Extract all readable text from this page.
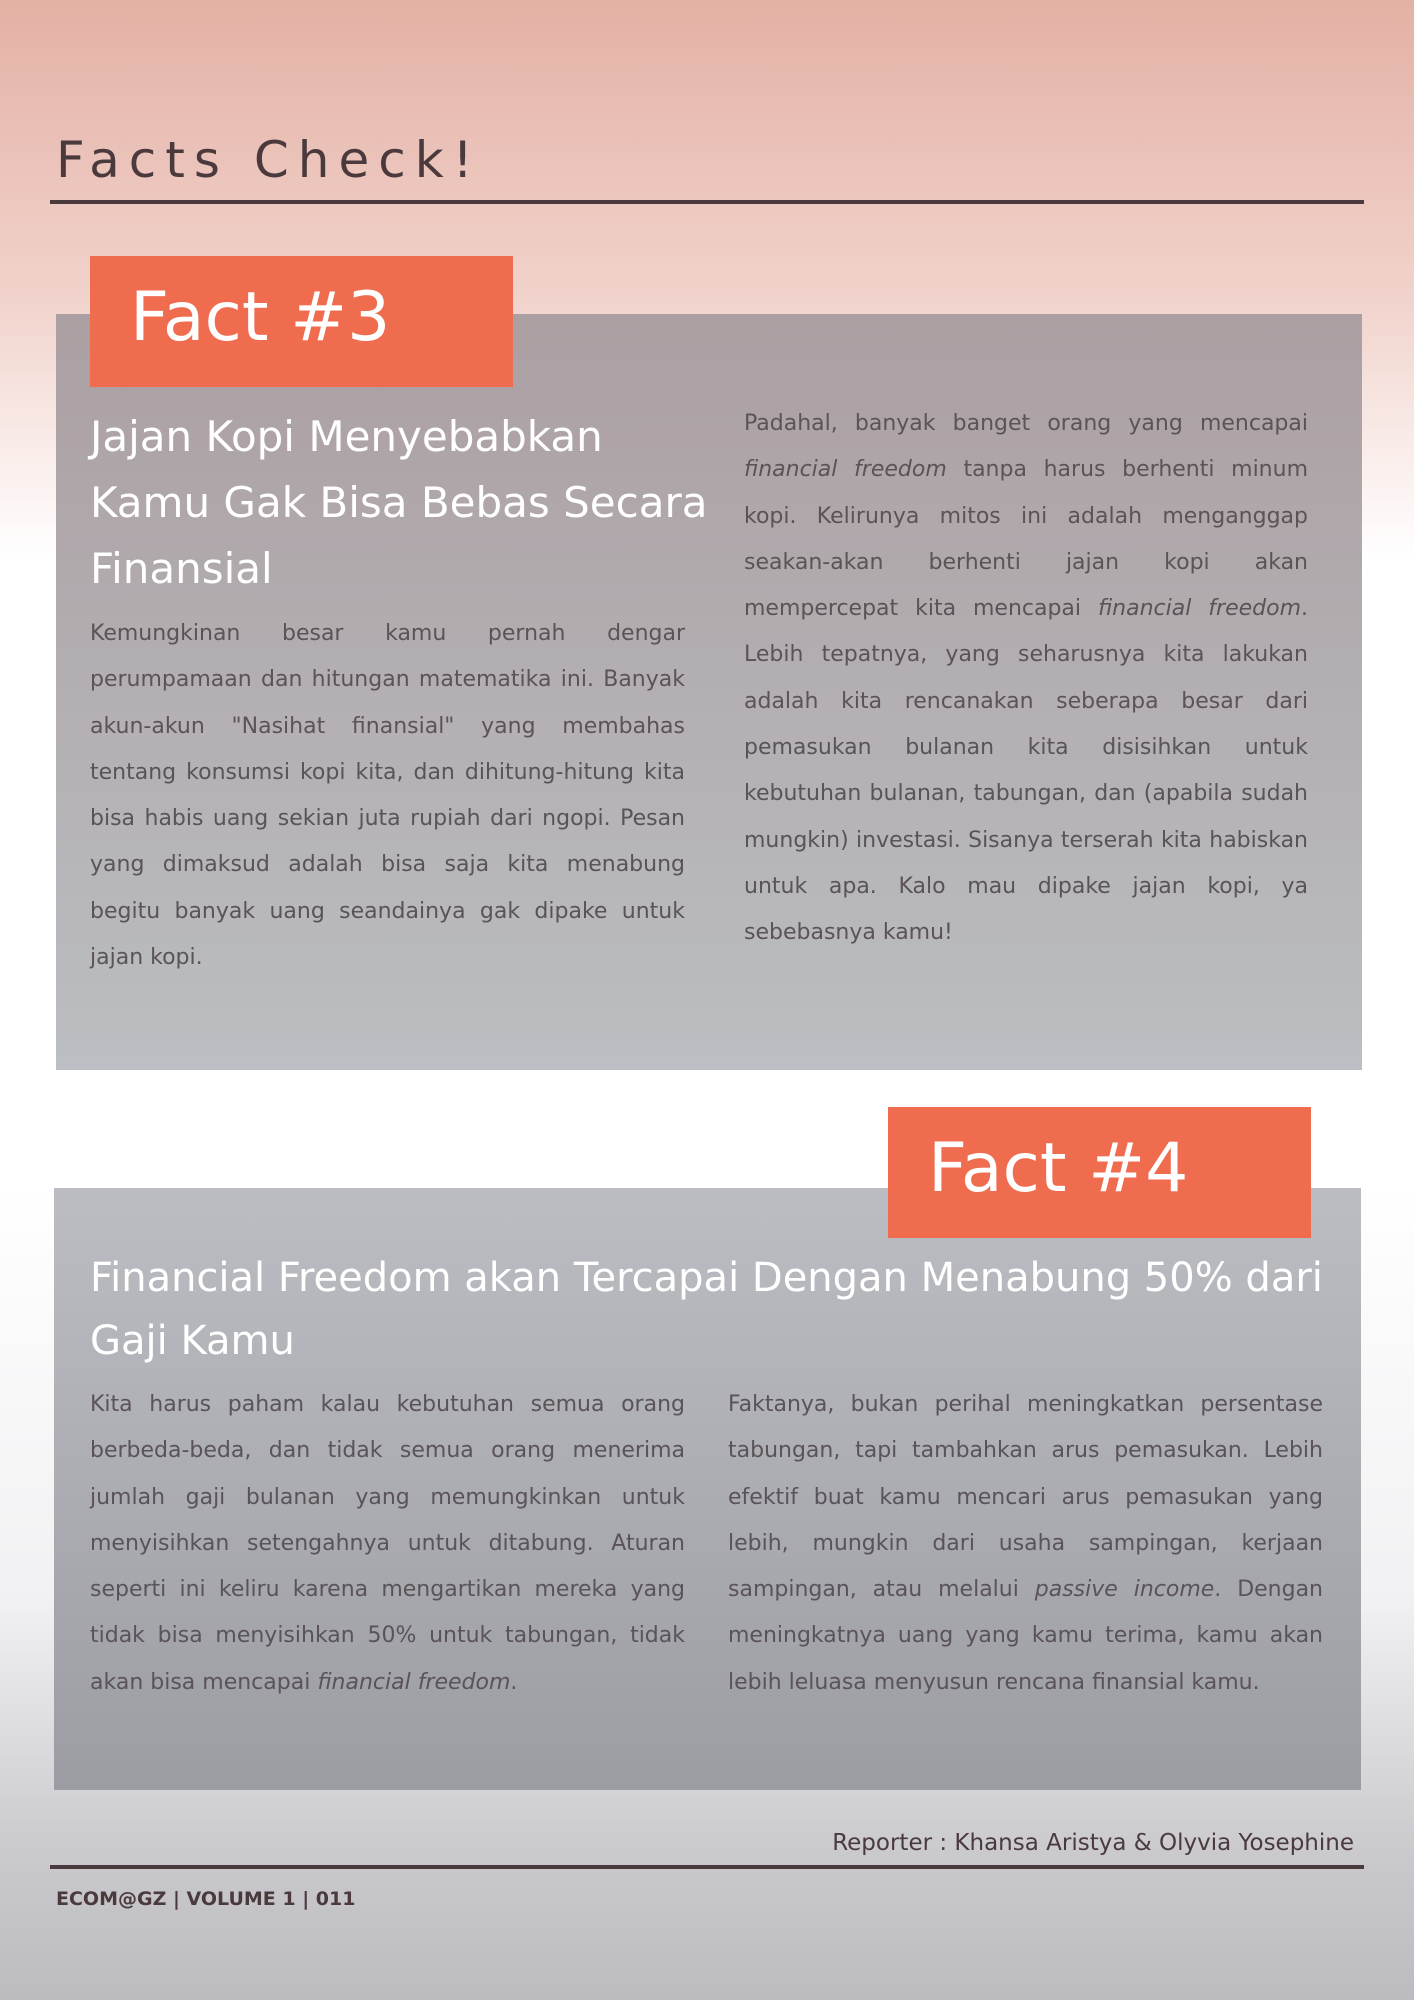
Facts Check!
Fact #3
Jajan Kopi Menyebabkan Kamu Gak Bisa Bebas Secara Finansial

Kemungkinan besar kamu pernah dengar perumpamaan dan hitungan matematika ini. Banyak akun-akun "Nasihat finansial" yang membahas tentang konsumsi kopi kita, dan dihitung-hitung kita bisa habis uang sekian juta rupiah dari ngopi. Pesan yang dimaksud adalah bisa saja kita menabung begitu banyak uang seandainya gak dipake untuk jajan kopi.

Padahal, banyak banget orang yang mencapai financial freedom tanpa harus berhenti minum kopi. Kelirunya mitos ini adalah menganggap seakan-akan berhenti jajan kopi akan mempercepat kita mencapai financial freedom. Lebih tepatnya, yang seharusnya kita lakukan adalah kita rencanakan seberapa besar dari pemasukan bulanan kita disisihkan untuk kebutuhan bulanan, tabungan, dan (apabila sudah mungkin) investasi. Sisanya terserah kita habiskan untuk apa. Kalo mau dipake jajan kopi, ya sebebasnya kamu!

Fact #4
Financial Freedom akan Tercapai Dengan Menabung 50% dari Gaji Kamu

Kita harus paham kalau kebutuhan semua orang berbeda-beda, dan tidak semua orang menerima jumlah gaji bulanan yang memungkinkan untuk menyisihkan setengahnya untuk ditabung. Aturan seperti ini keliru karena mengartikan mereka yang tidak bisa menyisihkan 50% untuk tabungan, tidak akan bisa mencapai financial freedom.

Faktanya, bukan perihal meningkatkan persentase tabungan, tapi tambahkan arus pemasukan. Lebih efektif buat kamu mencari arus pemasukan yang lebih, mungkin dari usaha sampingan, kerjaan sampingan, atau melalui passive income. Dengan meningkatnya uang yang kamu terima, kamu akan lebih leluasa menyusun rencana finansial kamu.

Reporter : Khansa Aristya & Olyvia Yosephine
ECOM@GZ | VOLUME 1 | 011
